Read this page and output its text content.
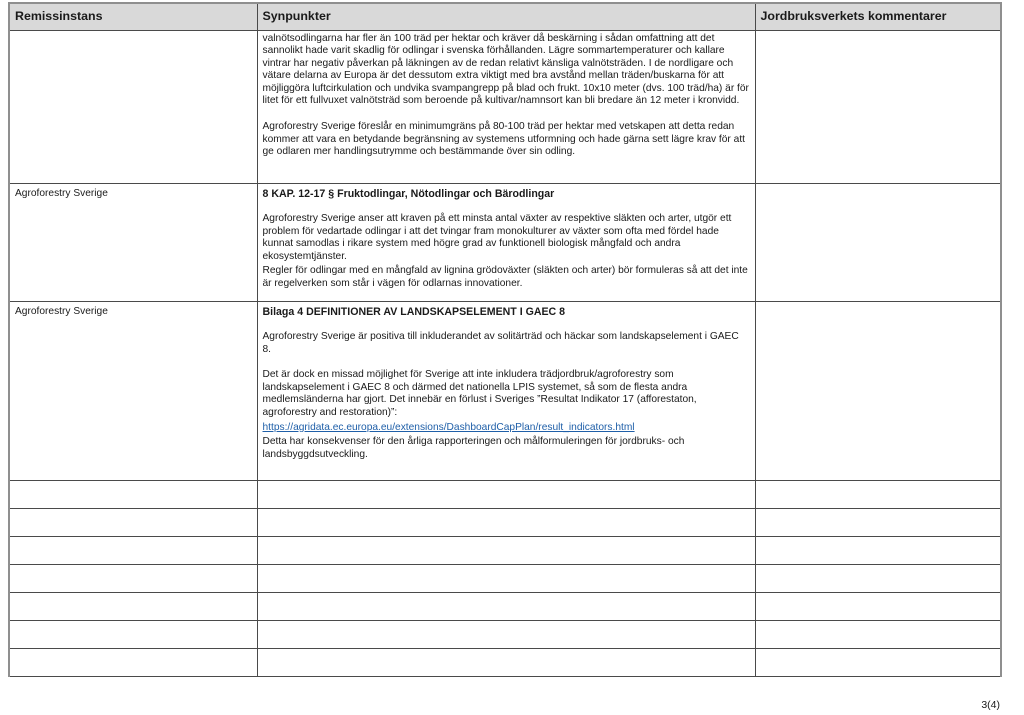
Remissinstans	Synpunkter	Jordbruksverkets kommentarer

	valnötsodlingarna har fler än 100 träd per hektar och kräver då beskärning i sådan omfattning att det sannolikt hade varit skadlig för odlingar i svenska förhållanden. Lägre sommartemperaturer och kallare vintrar har negativ påverkan på läkningen av de redan relativt känsliga valnötsträden. I de nordligare och vätare delarna av Europa är det dessutom extra viktigt med bra avstånd mellan träden/buskarna för att möjliggöra luftcirkulation och undvika svampangrepp på blad och frukt. 10x10 meter (dvs. 100 träd/ha) är för litet för ett fullvuxet valnötsträd som beroende på kultivar/namnsort kan bli bredare än 12 meter i kronvidd.

Agroforestry Sverige föreslår en minimumgräns på 80-100 träd per hektar med vetskapen att detta redan kommer att vara en betydande begränsning av systemens utformning och hade gärna sett lägre krav för att ge odlaren mer handlingsutrymme och bestämmande över sin odling.	

Agroforestry Sverige	8 KAP. 12-17 § Fruktodlingar, Nötodlingar och Bärodlingar

Agroforestry Sverige anser att kraven på ett minsta antal växter av respektive släkten och arter, utgör ett problem för vedartade odlingar i att det tvingar fram monokulturer av växter som ofta med fördel hade kunnat samodlas i rikare system med högre grad av funktionell biologisk mångfald och andra ekosystemtjänster.

Regler för odlingar med en mångfald av lignina grödoväxter (släkten och arter) bör formuleras så att det inte är regelverken som står i vägen för odlarnas innovationer.	

Agroforestry Sverige	Bilaga 4 DEFINITIONER AV LANDSKAPSELEMENT I GAEC 8

Agroforestry Sverige är positiva till inkluderandet av solitärträd och häckar som landskapselement i GAEC 8.

Det är dock en missad möjlighet för Sverige att inte inkludera trädjordbruk/agroforestry som landskapselement i GAEC 8 och därmed det nationella LPIS systemet, så som de flesta andra medlemsländerna har gjort. Det innebär en förlust i Sveriges ”Resultat Indikator 17 (afforestaton, agroforestry and restoration)”:

https://agridata.ec.europa.eu/extensions/DashboardCapPlan/result_indicators.html

Detta har konsekvenser för den årliga rapporteringen och målformuleringen för jordbruks- och landsbyggdsutveckling.	

3(4)
